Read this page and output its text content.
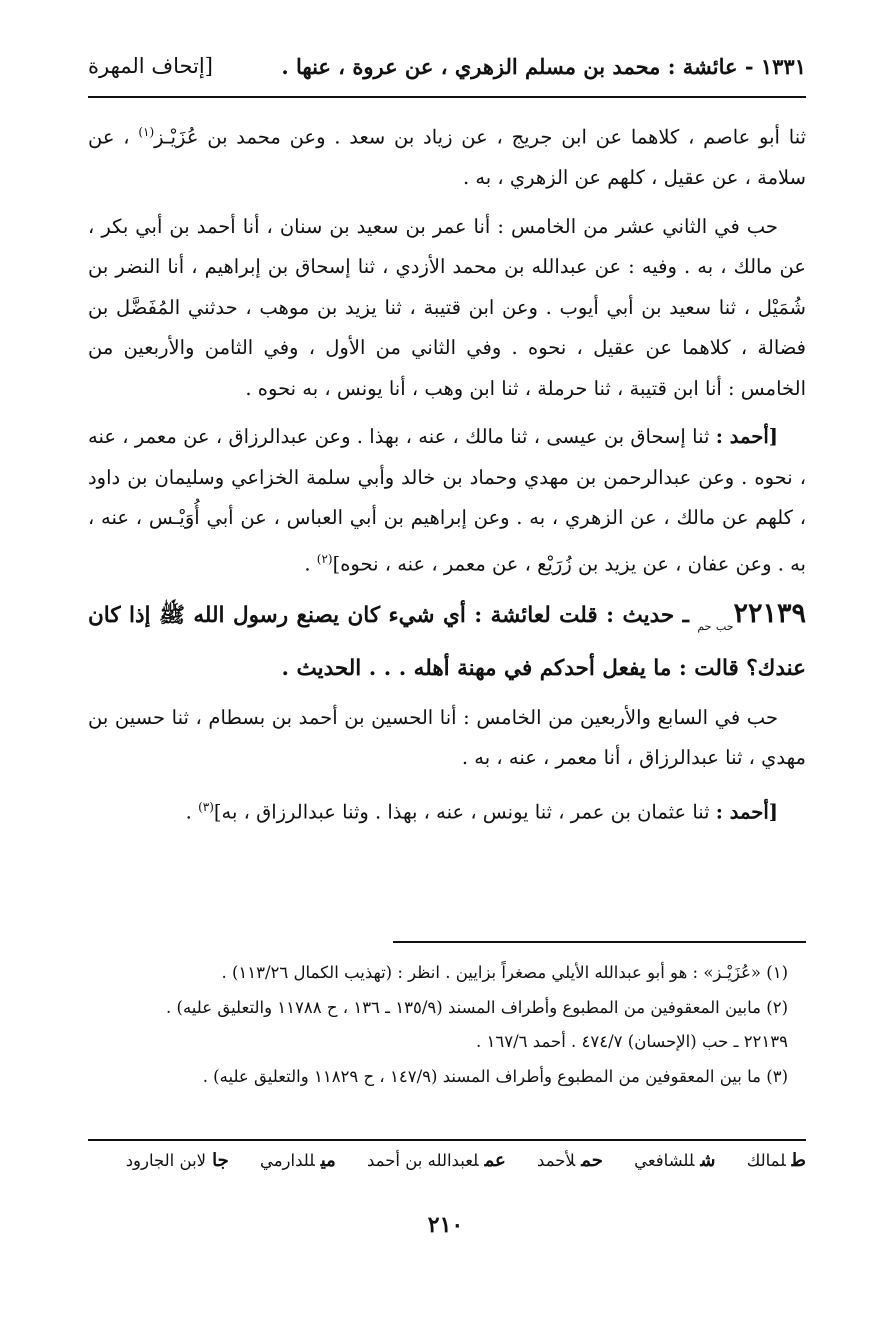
١٣٣١ - عائشة : محمد بن مسلم الزهري ، عن عروة ، عنها .
[إتحاف المهرة

ثنا أبو عاصم ، كلاهما عن ابن جريج ، عن زياد بن سعد . وعن محمد بن عُزَيْـز$^{(١)}$ ، عن سلامة ، عن عقيل ، كلهم عن الزهري ، به .

حب في الثاني عشر من الخامس : أنا عمر بن سعيد بن سنان ، أنا أحمد بن أبي بكر ، عن مالك ، به . وفيه : عن عبدالله بن محمد الأزدي ، ثنا إسحاق بن إبراهيم ، أنا النضر بن شُمَيْل ، ثنا سعيد بن أبي أيوب . وعن ابن قتيبة ، ثنا يزيد بن موهب ، حدثني المُفَضَّل بن فضالة ، كلاهما عن عقيل ، نحوه . وفي الثاني من الأول ، وفي الثامن والأربعين من الخامس : أنا ابن قتيبة ، ثنا حرملة ، ثنا ابن وهب ، أنا يونس ، به نحوه .

[أحمد : ثنا إسحاق بن عيسى ، ثنا مالك ، عنه ، بهذا . وعن عبدالرزاق ، عن معمر ، عنه ، نحوه . وعن عبدالرحمن بن مهدي وحماد بن خالد وأبي سلمة الخزاعي وسليمان بن داود ، كلهم عن مالك ، عن الزهري ، به . وعن إبراهيم بن أبي العباس ، عن أبي أُوَيْـس ، عنه ، به . وعن عفان ، عن يزيد بن زُرَيْع ، عن معمر ، عنه ، نحوه]$^{(٢)}$ .

$٢٢١٣٩_{حب حم}$ ـ حديث : قلت لعائشة : أي شيء كان يصنع رسول الله ﷺ إذا كان عندك؟ قالت : ما يفعل أحدكم في مهنة أهله . . . الحديث .

حب في السابع والأربعين من الخامس : أنا الحسين بن أحمد بن بسطام ، ثنا حسين بن مهدي ، ثنا عبدالرزاق ، أنا معمر ، عنه ، به .

[أحمد : ثنا عثمان بن عمر ، ثنا يونس ، عنه ، بهذا . وثنا عبدالرزاق ، به]$^{(٣)}$ .

(١) «عُزَيْـز» : هو أبو عبدالله الأيلي مصغراً بزايين . انظر : (تهذيب الكمال ١١٣/٢٦) .
(٢) مابين المعقوفين من المطبوع وأطراف المسند (١٣٥/٩ ـ ١٣٦ ، ح ١١٧٨٨ والتعليق عليه) .
٢٢١٣٩ ـ حب (الإحسان) ٤٧٤/٧ . أحمد ١٦٧/٦ .
(٣) ما بين المعقوفين من المطبوع وأطراف المسند (١٤٧/٩ ، ح ١١٨٢٩ والتعليق عليه) .
طلمالك شللشافعي حملأحمد عملعبدالله بن أحمد ميللدارمي جالابن الجارود
٢١٠
